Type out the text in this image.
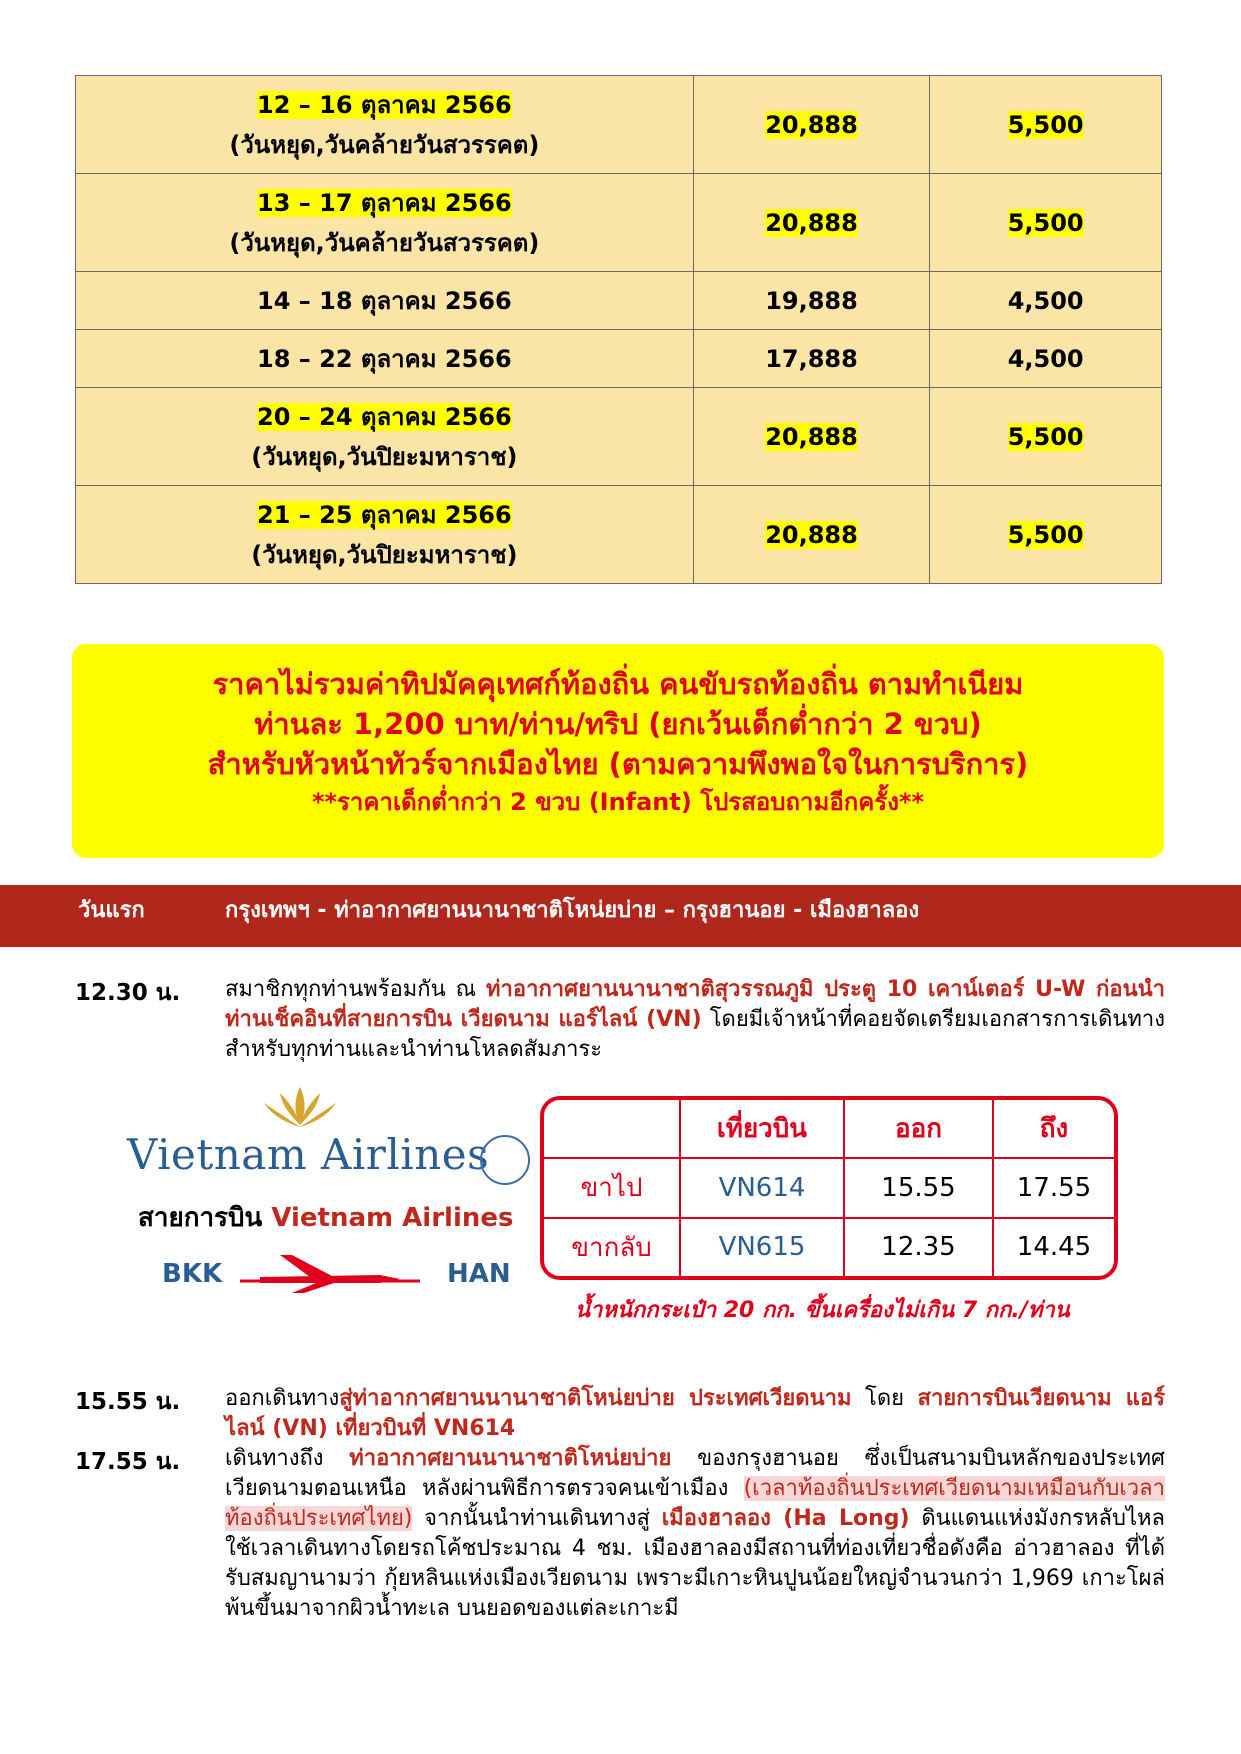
12 – 16 ตุลาคม 2566
(วันหยุด,วันคล้ายวันสวรรคต)	20,888	5,500

13 – 17 ตุลาคม 2566
(วันหยุด,วันคล้ายวันสวรรคต)	20,888	5,500
14 – 18 ตุลาคม 2566	19,888	4,500
18 – 22 ตุลาคม 2566	17,888	4,500

20 – 24 ตุลาคม 2566
(วันหยุด,วันปิยะมหาราช)	20,888	5,500

21 – 25 ตุลาคม 2566
(วันหยุด,วันปิยะมหาราช)	20,888	5,500
ราคาไม่รวมค่าทิปมัคคุเทศก์ท้องถิ่น คนขับรถท้องถิ่น ตามทำเนียม
ท่านละ 1,200 บาท/ท่าน/ทริป (ยกเว้นเด็กต่ำกว่า 2 ขวบ)
สำหรับหัวหน้าทัวร์จากเมืองไทย (ตามความพึงพอใจในการบริการ)
**ราคาเด็กต่ำกว่า 2 ขวบ (Infant) โปรสอบถามอีกครั้ง**
วันแรก	กรุงเทพฯ - ท่าอากาศยานนานาชาติโหน่ยบ่าย – กรุงฮานอย - เมืองฮาลอง
12.30 น. สมาชิกทุกท่านพร้อมกัน ณ ท่าอากาศยานนานาชาติสุวรรณภูมิ ประตู 10 เคาน์เตอร์ U-W ก่อนนำท่านเช็คอินที่สายการบิน เวียดนาม แอร์ไลน์ (VN) โดยมีเจ้าหน้าที่คอยจัดเตรียมเอกสารการเดินทางสำหรับทุกท่านและนำท่านโหลดสัมภาระ
Vietnam Airlines
สายการบิน Vietnam Airlines
BKK	HAN
	เที่ยวบิน	ออก	ถึง
ขาไป	VN614	15.55	17.55
ขากลับ	VN615	12.35	14.45
น้ำหนักกระเป๋า 20 กก. ขึ้นเครื่องไม่เกิน 7 กก./ท่าน
15.55 น. ออกเดินทางสู่ท่าอากาศยานนานาชาติโหน่ยบ่าย ประเทศเวียดนาม โดย สายการบินเวียดนาม แอร์ไลน์ (VN) เที่ยวบินที่ VN614
17.55 น. เดินทางถึง ท่าอากาศยานนานาชาติโหน่ยบ่าย ของกรุงฮานอย ซึ่งเป็นสนามบินหลักของประเทศเวียดนามตอนเหนือ หลังผ่านพิธีการตรวจคนเข้าเมือง (เวลาท้องถิ่นประเทศเวียดนามเหมือนกับเวลาท้องถิ่นประเทศไทย) จากนั้นนำท่านเดินทางสู่ เมืองฮาลอง (Ha Long) ดินแดนแห่งมังกรหลับไหล ใช้เวลาเดินทางโดยรถโค้ชประมาณ 4 ชม. เมืองฮาลองมีสถานที่ท่องเที่ยวชื่อดังคือ อ่าวฮาลอง ที่ได้รับสมญานามว่า กุ้ยหลินแห่งเมืองเวียดนาม เพราะมีเกาะหินปูนน้อยใหญ่จำนวนกว่า 1,969 เกาะโผล่พ้นขึ้นมาจากผิวน้ำทะเล บนยอดของแต่ละเกาะมี
